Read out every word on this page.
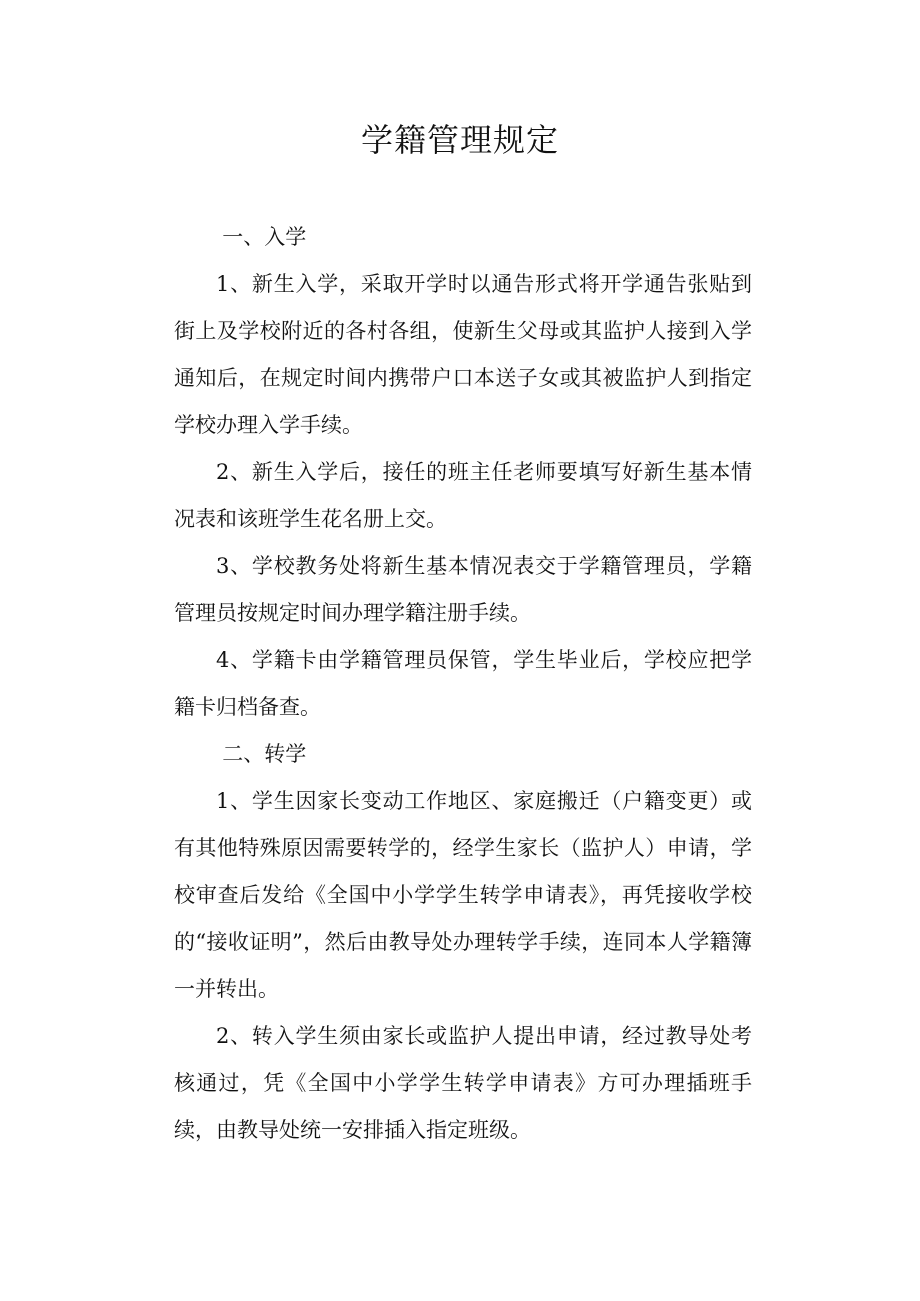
学籍管理规定

一、入学

1、新生入学，采取开学时以通告形式将开学通告张贴到街上及学校附近的各村各组，使新生父母或其监护人接到入学通知后，在规定时间内携带户口本送子女或其被监护人到指定学校办理入学手续。

2、新生入学后，接任的班主任老师要填写好新生基本情况表和该班学生花名册上交。

3、学校教务处将新生基本情况表交于学籍管理员，学籍管理员按规定时间办理学籍注册手续。

4、学籍卡由学籍管理员保管，学生毕业后，学校应把学籍卡归档备查。

二、转学

1、学生因家长变动工作地区、家庭搬迁（户籍变更）或有其他特殊原因需要转学的，经学生家长（监护人）申请，学校审查后发给《全国中小学学生转学申请表》，再凭接收学校的“接收证明”，然后由教导处办理转学手续，连同本人学籍簿一并转出。

2、转入学生须由家长或监护人提出申请，经过教导处考核通过，凭《全国中小学学生转学申请表》方可办理插班手续，由教导处统一安排插入指定班级。
